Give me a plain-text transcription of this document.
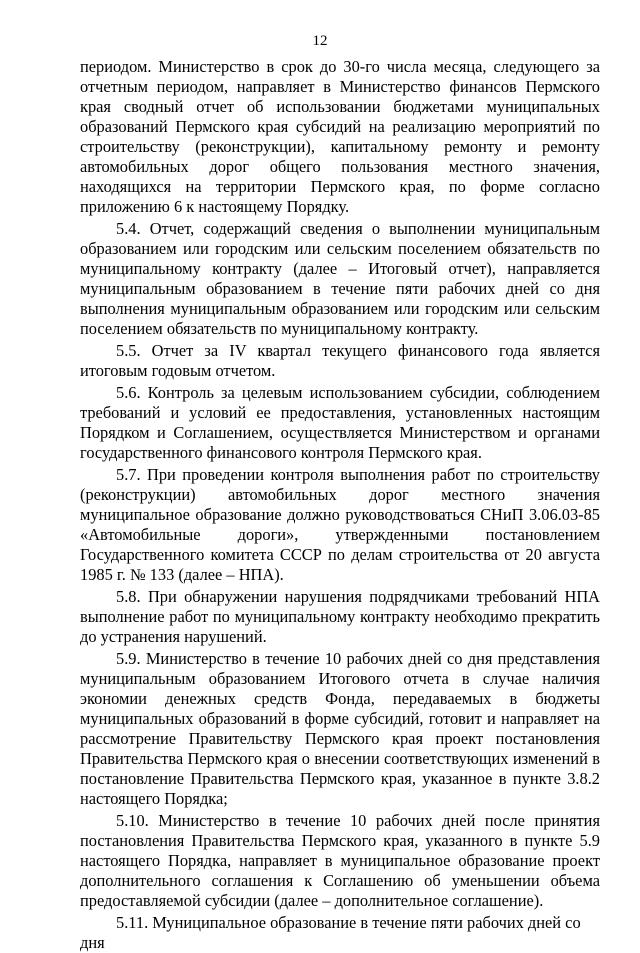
12

периодом. Министерство в срок до 30-го числа месяца, следующего за отчетным периодом, направляет в Министерство финансов Пермского края сводный отчет об использовании бюджетами муниципальных образований Пермского края субсидий на реализацию мероприятий по строительству (реконструкции), капитальному ремонту и ремонту автомобильных дорог общего пользования местного значения, находящихся на территории Пермского края, по форме согласно приложению 6 к настоящему Порядку.

5.4. Отчет, содержащий сведения о выполнении муниципальным образованием или городским или сельским поселением обязательств по муниципальному контракту (далее – Итоговый отчет), направляется муниципальным образованием в течение пяти рабочих дней со дня выполнения муниципальным образованием или городским или сельским поселением обязательств по муниципальному контракту.

5.5. Отчет за IV квартал текущего финансового года является итоговым годовым отчетом.

5.6. Контроль за целевым использованием субсидии, соблюдением требований и условий ее предоставления, установленных настоящим Порядком и Соглашением, осуществляется Министерством и органами государственного финансового контроля Пермского края.

5.7. При проведении контроля выполнения работ по строительству (реконструкции) автомобильных дорог местного значения муниципальное образование должно руководствоваться СНиП 3.06.03-85 «Автомобильные дороги», утвержденными постановлением Государственного комитета СССР по делам строительства от 20 августа 1985 г. № 133 (далее – НПА).

5.8. При обнаружении нарушения подрядчиками требований НПА выполнение работ по муниципальному контракту необходимо прекратить до устранения нарушений.

5.9. Министерство в течение 10 рабочих дней со дня представления муниципальным образованием Итогового отчета в случае наличия экономии денежных средств Фонда, передаваемых в бюджеты муниципальных образований в форме субсидий, готовит и направляет на рассмотрение Правительству Пермского края проект постановления Правительства Пермского края о внесении соответствующих изменений в постановление Правительства Пермского края, указанное в пункте 3.8.2 настоящего Порядка;

5.10. Министерство в течение 10 рабочих дней после принятия постановления Правительства Пермского края, указанного в пункте 5.9 настоящего Порядка, направляет в муниципальное образование проект дополнительного соглашения к Соглашению об уменьшении объема предоставляемой субсидии (далее – дополнительное соглашение).

5.11. Муниципальное образование в течение пяти рабочих дней со дня
